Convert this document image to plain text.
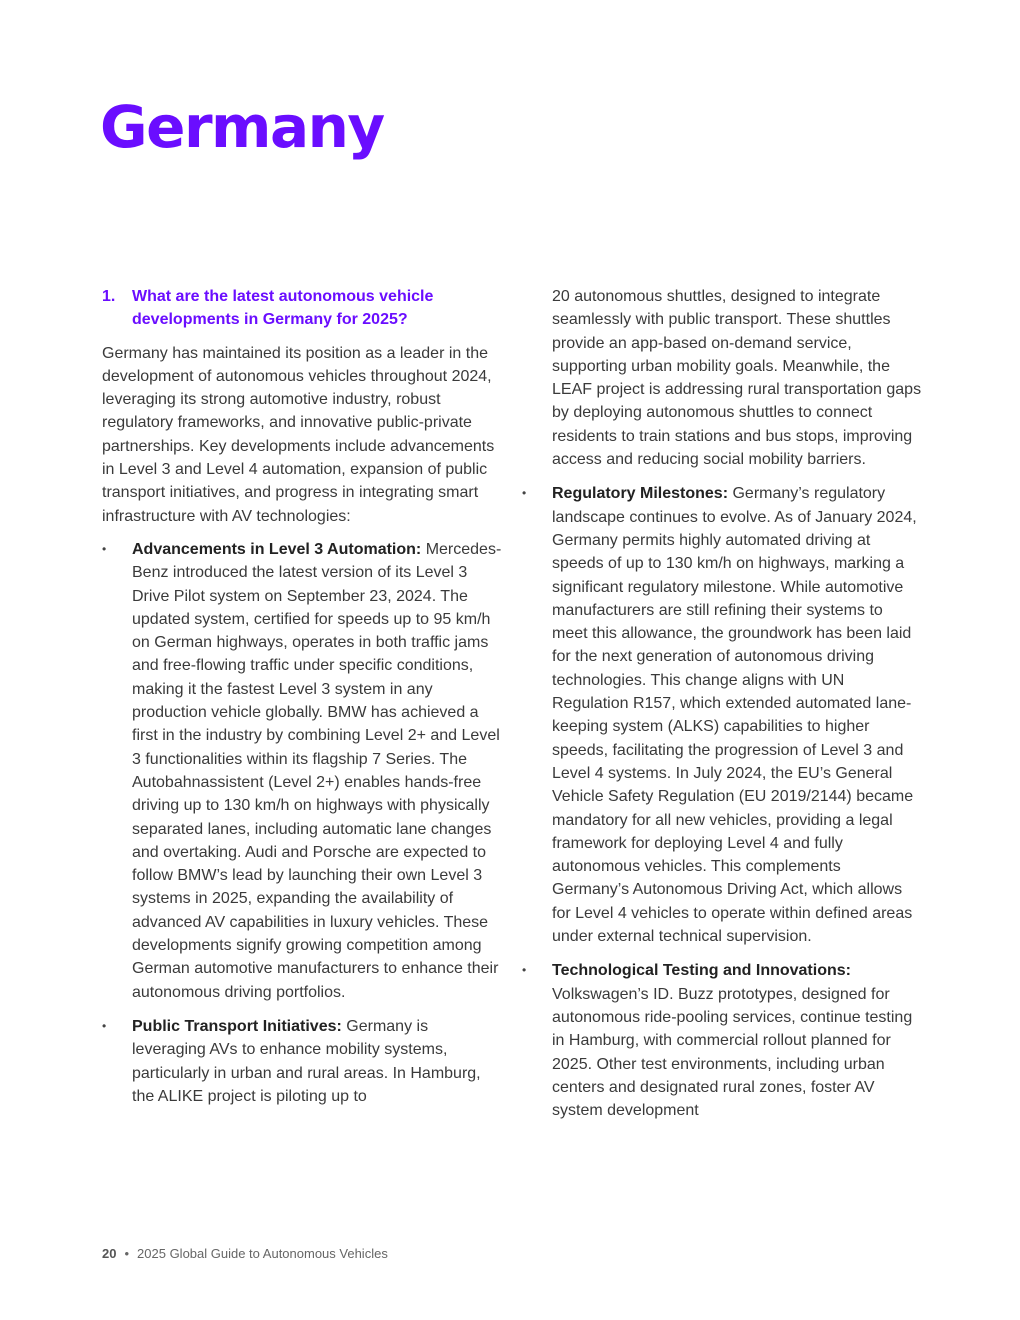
Germany
1.	What are the latest autonomous vehicle developments in Germany for 2025?

Germany has maintained its position as a leader in the development of autonomous vehicles throughout 2024, leveraging its strong automotive industry, robust regulatory frameworks, and innovative public-private partnerships. Key developments include advancements in Level 3 and Level 4 automation, expansion of public transport initiatives, and progress in integrating smart infrastructure with AV technologies:

•	Advancements in Level 3 Automation: Mercedes-Benz introduced the latest version of its Level 3 Drive Pilot system on September 23, 2024. The updated system, certified for speeds up to 95 km/h on German highways, operates in both traffic jams and free-flowing traffic under specific conditions, making it the fastest Level 3 system in any production vehicle globally. BMW has achieved a first in the industry by combining Level 2+ and Level 3 functionalities within its flagship 7 Series. The Autobahnassistent (Level 2+) enables hands-free driving up to 130 km/h on highways with physically separated lanes, including automatic lane changes and overtaking. Audi and Porsche are expected to follow BMW’s lead by launching their own Level 3 systems in 2025, expanding the availability of advanced AV capabilities in luxury vehicles. These developments signify growing competition among German automotive manufacturers to enhance their autonomous driving portfolios.
•	Public Transport Initiatives: Germany is leveraging AVs to enhance mobility systems, particularly in urban and rural areas. In Hamburg, the ALIKE project is piloting up to

20 autonomous shuttles, designed to integrate seamlessly with public transport. These shuttles provide an app-based on-demand service, supporting urban mobility goals. Meanwhile, the LEAF project is addressing rural transportation gaps by deploying autonomous shuttles to connect residents to train stations and bus stops, improving access and reducing social mobility barriers.

•	Regulatory Milestones: Germany’s regulatory landscape continues to evolve. As of January 2024, Germany permits highly automated driving at speeds of up to 130 km/h on highways, marking a significant regulatory milestone. While automotive manufacturers are still refining their systems to meet this allowance, the groundwork has been laid for the next generation of autonomous driving technologies. This change aligns with UN Regulation R157, which extended automated lane-keeping system (ALKS) capabilities to higher speeds, facilitating the progression of Level 3 and Level 4 systems. In July 2024, the EU’s General Vehicle Safety Regulation (EU 2019/2144) became mandatory for all new vehicles, providing a legal framework for deploying Level 4 and fully autonomous vehicles. This complements Germany’s Autonomous Driving Act, which allows for Level 4 vehicles to operate within defined areas under external technical supervision.
•	Technological Testing and Innovations: Volkswagen’s ID. Buzz prototypes, designed for autonomous ride-pooling services, continue testing in Hamburg, with commercial rollout planned for 2025. Other test environments, including urban centers and designated rural zones, foster AV system development
20 • 2025 Global Guide to Autonomous Vehicles
